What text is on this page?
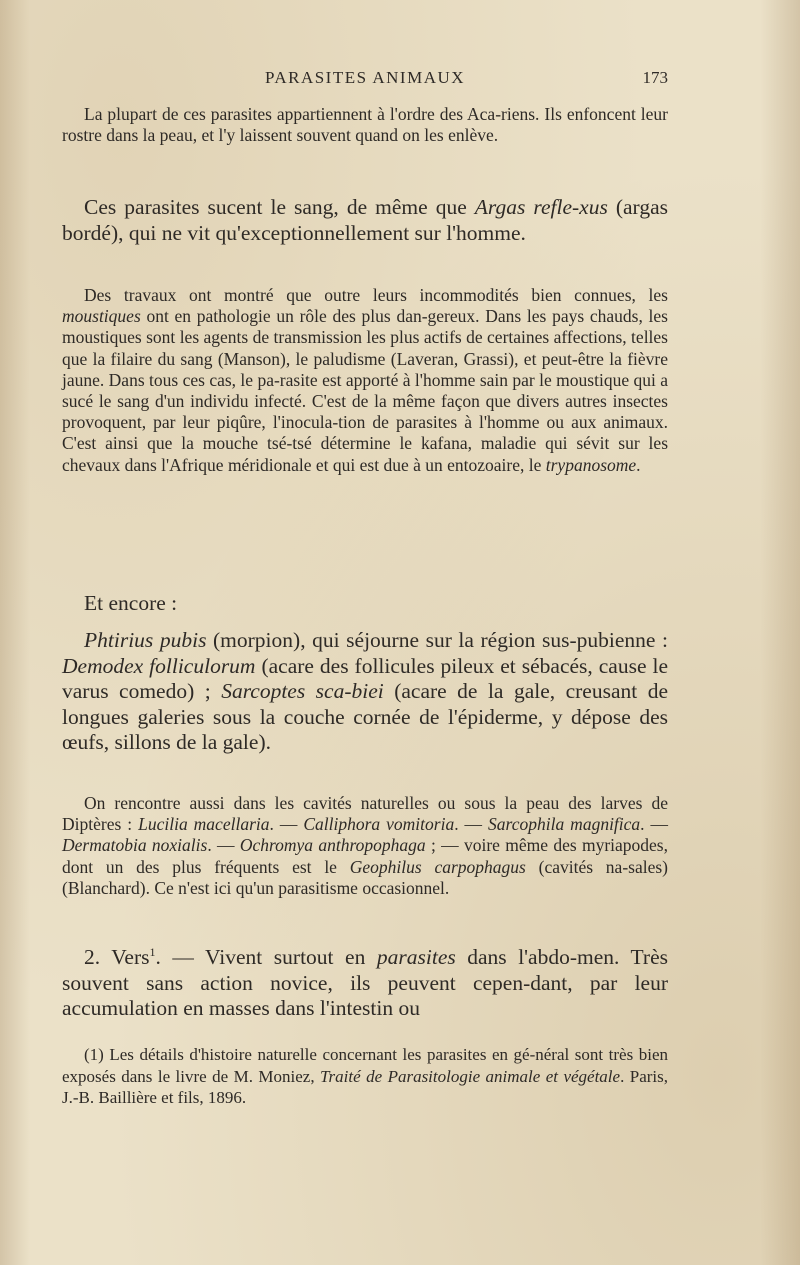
PARASITES ANIMAUX	173

La plupart de ces parasites appartiennent à l'ordre des Aca-riens. Ils enfoncent leur rostre dans la peau, et l'y laissent souvent quand on les enlève.

Ces parasites sucent le sang, de même que Argas refle-xus (argas bordé), qui ne vit qu'exceptionnellement sur l'homme.

Des travaux ont montré que outre leurs incommodités bien connues, les moustiques ont en pathologie un rôle des plus dan-gereux. Dans les pays chauds, les moustiques sont les agents de transmission les plus actifs de certaines affections, telles que la filaire du sang (Manson), le paludisme (Laveran, Grassi), et peut-être la fièvre jaune. Dans tous ces cas, le pa-rasite est apporté à l'homme sain par le moustique qui a sucé le sang d'un individu infecté. C'est de la même façon que divers autres insectes provoquent, par leur piqûre, l'inocula-tion de parasites à l'homme ou aux animaux. C'est ainsi que la mouche tsé-tsé détermine le kafana, maladie qui sévit sur les chevaux dans l'Afrique méridionale et qui est due à un entozoaire, le trypanosome.

Et encore :

Phtirius pubis (morpion), qui séjourne sur la région sus-pubienne : Demodex folliculorum (acare des follicules pileux et sébacés, cause le varus comedo) ; Sarcoptes sca-biei (acare de la gale, creusant de longues galeries sous la couche cornée de l'épiderme, y dépose des œufs, sillons de la gale).

On rencontre aussi dans les cavités naturelles ou sous la peau des larves de Diptères : Lucilia macellaria. — Calliphora vomitoria. — Sarcophila magnifica. — Dermatobia noxialis. — Ochromya anthropophaga ; — voire même des myriapodes, dont un des plus fréquents est le Geophilus carpophagus (cavités na-sales) (Blanchard). Ce n'est ici qu'un parasitisme occasionnel.

2. Vers$^1$. — Vivent surtout en parasites dans l'abdo-men. Très souvent sans action novice, ils peuvent cepen-dant, par leur accumulation en masses dans l'intestin ou

(1) Les détails d'histoire naturelle concernant les parasites en gé-néral sont très bien exposés dans le livre de M. Moniez, Traité de Parasitologie animale et végétale. Paris, J.-B. Baillière et fils, 1896.
